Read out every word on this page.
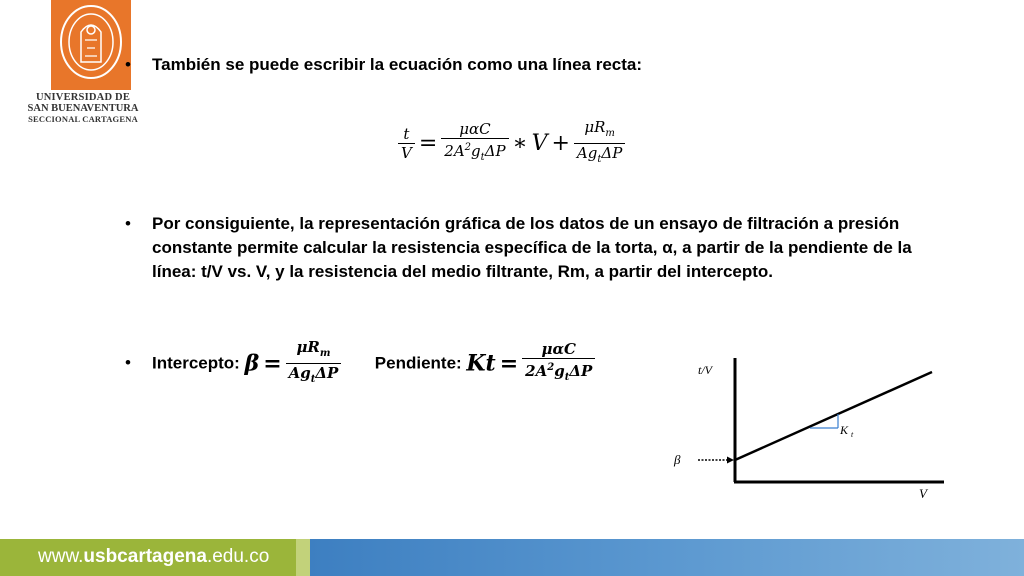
UNIVERSIDAD DE
SAN BUENAVENTURA
SECCIONAL CARTAGENA
• También se puede escribir la ecuación como una línea recta:
$\frac{t}{V} = \frac{\text{μαC}}{2A^2g_t\Delta P}$ ∗ $V + \frac{\mu R_m}{Ag_t\Delta P}$
• Por consiguiente, la representación gráfica de los datos de un ensayo de filtración a presión constante permite calcular la resistencia específica de la torta, α, a partir de la pendiente de la línea: t/V vs. V, y la resistencia del medio filtrante, Rm, a partir del intercepto.
• Intercepto: $\beta = \frac{\mu R_m}{Ag_t\Delta P}$ Pendiente: $Kt = \frac{\text{μαC}}{2A^2g_t\Delta P}$	t/V
β
V
K $_t$
www.usbcartagena.edu.co
